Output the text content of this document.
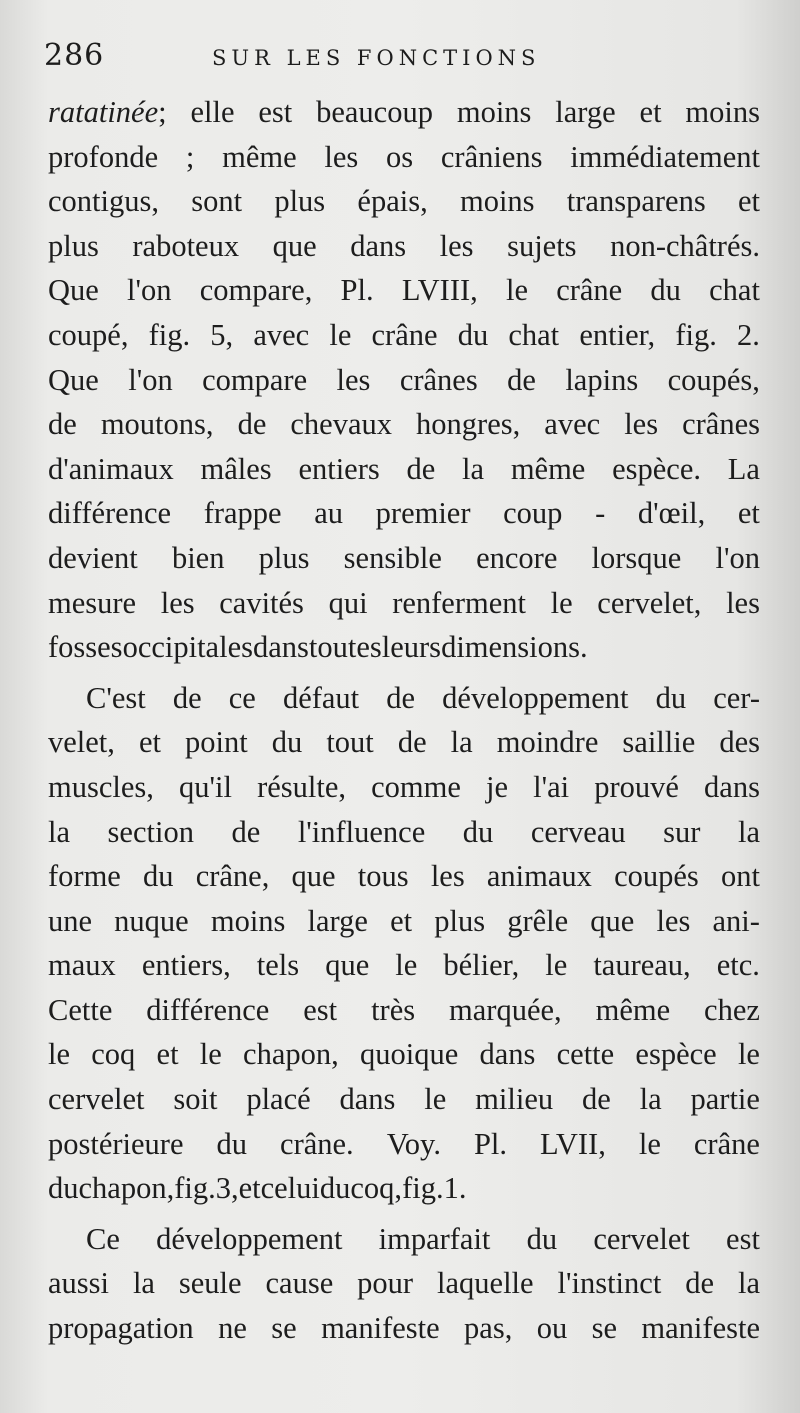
286	SUR LES FONCTIONS
ratatinée; elle est beaucoup moins large et moins
profonde ; même les os crâniens immédiatement
contigus, sont plus épais, moins transparens et
plus raboteux que dans les sujets non-châtrés.
Que l'on compare, Pl. LVIII, le crâne du chat
coupé, fig. 5, avec le crâne du chat entier, fig. 2.
Que l'on compare les crânes de lapins coupés,
de moutons, de chevaux hongres, avec les crânes
d'animaux mâles entiers de la même espèce. La
différence frappe au premier coup - d'œil, et
devient bien plus sensible encore lorsque l'on
mesure les cavités qui renferment le cervelet, les
fosses occipitales dans toutes leurs dimensions.
C'est de ce défaut de développement du cer-
velet, et point du tout de la moindre saillie des
muscles, qu'il résulte, comme je l'ai prouvé dans
la section de l'influence du cerveau sur la
forme du crâne, que tous les animaux coupés ont
une nuque moins large et plus grêle que les ani-
maux entiers, tels que le bélier, le taureau, etc.
Cette différence est très marquée, même chez
le coq et le chapon, quoique dans cette espèce le
cervelet soit placé dans le milieu de la partie
postérieure du crâne. Voy. Pl. LVII, le crâne
du chapon, fig. 3, et celui du coq, fig. 1.
Ce développement imparfait du cervelet est
aussi la seule cause pour laquelle l'instinct de la
propagation ne se manifeste pas, ou se manifeste
